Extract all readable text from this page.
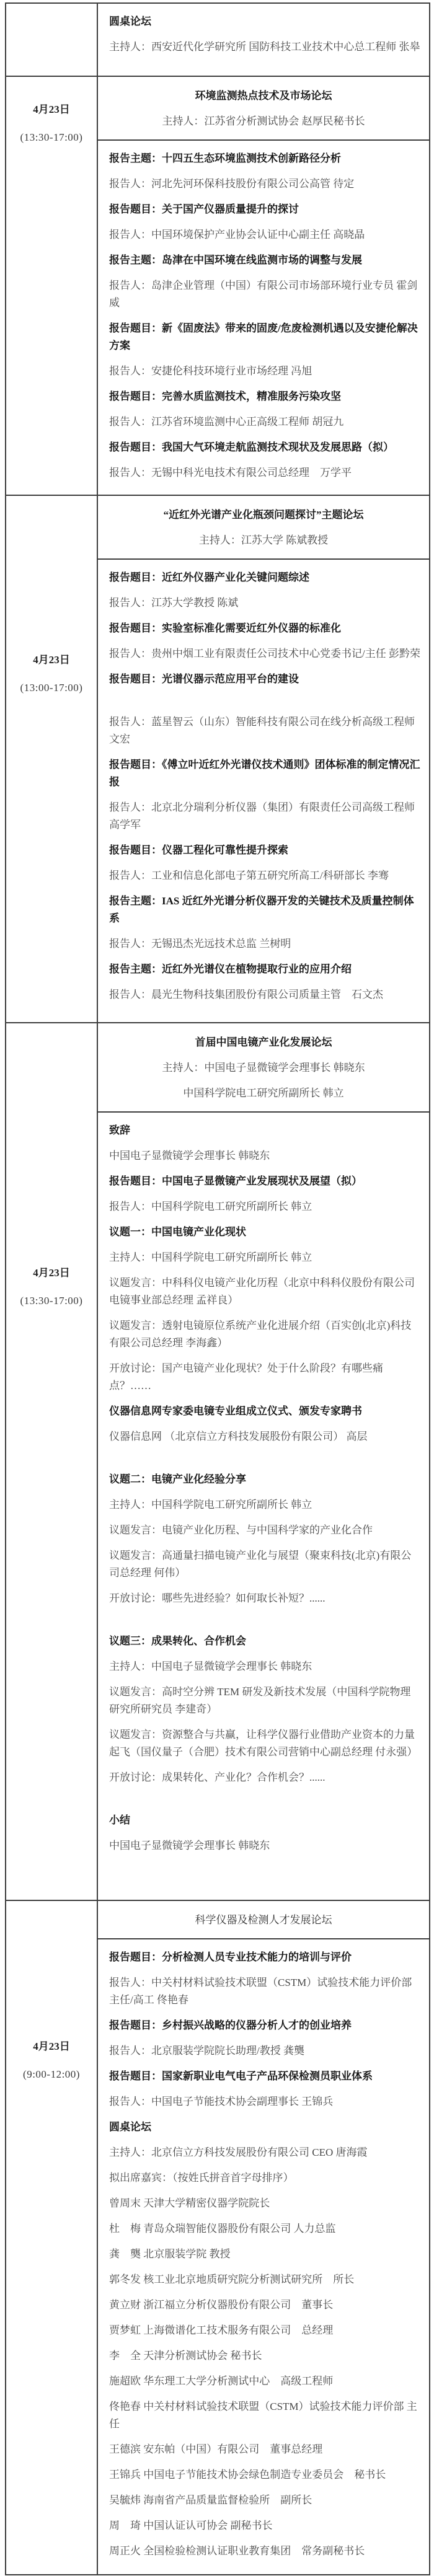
圆桌论坛
主持人：西安近代化学研究所 国防科技工业技术中心总工程师 张皋
4月23日
(13:30-17:00)
环境监测热点技术及市场论坛
主持人：江苏省分析测试协会 赵厚民秘书长
报告主题：十四五生态环境监测技术创新路径分析
报告人：河北先河环保科技股份有限公司公高管 待定
报告题目：关于国产仪器质量提升的探讨
报告人：中国环境保护产业协会认证中心副主任 高晓晶
报告主题：岛津在中国环境在线监测市场的调整与发展
报告人：岛津企业管理（中国）有限公司市场部环境行业专员 霍剑威
报告题目：新《固废法》带来的固废/危废检测机遇以及安捷伦解决方案
报告人：安捷伦科技环境行业市场经理 冯旭
报告题目：完善水质监测技术，精准服务污染攻坚
报告人：江苏省环境监测中心正高级工程师 胡冠九
报告题目：我国大气环境走航监测技术现状及发展思路（拟）
报告人：无锡中科光电技术有限公司总经理　万学平
4月23日
(13:00-17:00)
“近红外光谱产业化瓶颈问题探讨”主题论坛
主持人：江苏大学 陈斌教授
报告题目：近红外仪器产业化关键问题综述
报告人：江苏大学教授 陈斌
报告题目：实验室标准化需要近红外仪器的标准化
报告人：贵州中烟工业有限责任公司技术中心党委书记/主任 彭黔荣
报告题目：光谱仪器示范应用平台的建设
报告人：蓝星智云（山东）智能科技有限公司在线分析高级工程师 文宏
报告题目：《傅立叶近红外光谱仪技术通则》团体标准的制定情况汇报
报告人：北京北分瑞利分析仪器（集团）有限责任公司高级工程师 高学军
报告题目：仪器工程化可靠性提升探索
报告人：工业和信息化部电子第五研究所高工/科研部长 李骞
报告主题：IAS 近红外光谱分析仪器开发的关键技术及质量控制体系
报告人：无锡迅杰光远技术总监 兰树明
报告主题：近红外光谱仪在植物提取行业的应用介绍
报告人：晨光生物科技集团股份有限公司质量主管　石文杰
4月23日
(13:30-17:00)
首届中国电镜产业化发展论坛
主持人：中国电子显微镜学会理事长 韩晓东
中国科学院电工研究所副所长 韩立
致辞
中国电子显微镜学会理事长 韩晓东
报告题目：中国电子显微镜产业发展现状及展望（拟）
报告人：中国科学院电工研究所副所长 韩立
议题一：中国电镜产业化现状
主持人：中国科学院电工研究所副所长 韩立
议题发言：中科科仪电镜产业化历程（北京中科科仪股份有限公司电镜事业部总经理 孟祥良）
议题发言：透射电镜原位系统产业化进展介绍（百实创(北京)科技有限公司总经理 李海鑫）
开放讨论：国产电镜产业化现状？处于什么阶段？有哪些痛点？……
仪器信息网专家委电镜专业组成立仪式、颁发专家聘书
仪器信息网 （北京信立方科技发展股份有限公司） 高层
议题二：电镜产业化经验分享
主持人：中国科学院电工研究所副所长 韩立
议题发言：电镜产业化历程、与中国科学家的产业化合作
议题发言：高通量扫描电镜产业化与展望（聚束科技(北京)有限公司总经理 何伟）
开放讨论：哪些先进经验？如何取长补短？......
议题三：成果转化、合作机会
主持人：中国电子显微镜学会理事长 韩晓东
议题发言：高时空分辨 TEM 研发及新技术发展（中国科学院物理研究所研究员 李建奇）
议题发言：资源整合与共赢，让科学仪器行业借助产业资本的力量起飞（国仪量子（合肥）技术有限公司营销中心副总经理 付永强）
开放讨论：成果转化、产业化？合作机会？......
小结
中国电子显微镜学会理事长 韩晓东
4月23日
(9:00-12:00)
科学仪器及检测人才发展论坛
报告题目：分析检测人员专业技术能力的培训与评价
报告人：中关村材料试验技术联盟（CSTM）试验技术能力评价部主任/高工 佟艳春
报告题目：乡村振兴战略的仪器分析人才的创业培养
报告人：北京服装学院院长助理/教授 龚龑
报告题目：国家新职业电气电子产品环保检测员职业体系
报告人：中国电子节能技术协会副理事长 王锦兵
圆桌论坛
主持人：北京信立方科技发展股份有限公司 CEO 唐海霞
拟出席嘉宾：（按姓氏拼音首字母排序）
曾周末 天津大学精密仪器学院院长
杜　梅 青岛众瑞智能仪器股份有限公司 人力总监
龚　龑 北京服装学院 教授
郭冬发 核工业北京地质研究院分析测试研究所　所长
黄立财 浙江福立分析仪器股份有限公司　董事长
贾梦虹 上海微谱化工技术服务有限公司　总经理
李　全 天津分析测试协会 秘书长
施超欧 华东理工大学分析测试中心　高级工程师
佟艳春 中关村材料试验技术联盟（CSTM）试验技术能力评价部 主任
王德滨 安东帕（中国）有限公司　董事总经理
王锦兵 中国电子节能技术协会绿色制造专业委员会　秘书长
吴毓炜 海南省产品质量监督检验所　副所长
周　琦 中国认证认可协会 副秘书长
周正火 全国检验检测认证职业教育集团　常务副秘书长
